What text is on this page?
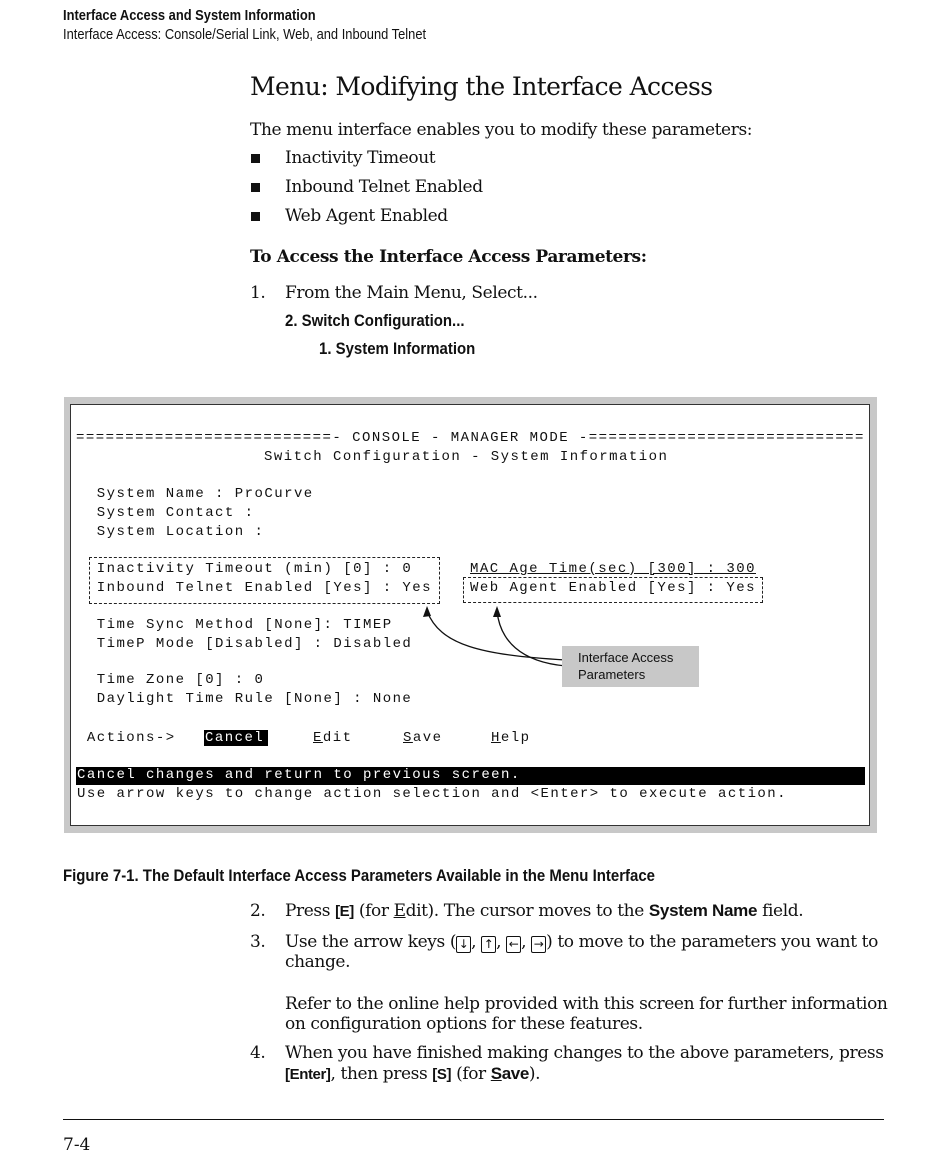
Interface Access and System Information
Interface Access: Console/Serial Link, Web, and Inbound Telnet
Menu: Modifying the Interface Access
The menu interface enables you to modify these parameters:
Inactivity Timeout
Inbound Telnet Enabled
Web Agent Enabled
To Access the Interface Access Parameters:
1. From the Main Menu, Select...
2. Switch Configuration...
1. System Information
==========================- CONSOLE - MANAGER MODE -============================
Switch Configuration - System Information
System Name : ProCurve
System Contact :
System Location :
Inactivity Timeout (min) [0] : 0
Inbound Telnet Enabled [Yes] : Yes
MAC Age Time(sec) [300] : 300
Web Agent Enabled [Yes] : Yes
Time Sync Method [None]: TIMEP
TimeP Mode [Disabled] : Disabled
Time Zone [0] : 0
Daylight Time Rule [None] : None
Actions-> Cancel	Edit	Save	Help
Cancel changes and return to previous screen.
Use arrow keys to change action selection and <Enter> to execute action.
Interface Access
Parameters
Figure 7-1. The Default Interface Access Parameters Available in the Menu Interface
2. Press [E] (for Edit). The cursor moves to the System Name field.
3. Use the arrow keys ( ↓ , ↑ , ← , → ) to move to the parameters you want to
change.
Refer to the online help provided with this screen for further information
on configuration options for these features.
4. When you have finished making changes to the above parameters, press
[Enter], then press [S] (for Save).
7-4
